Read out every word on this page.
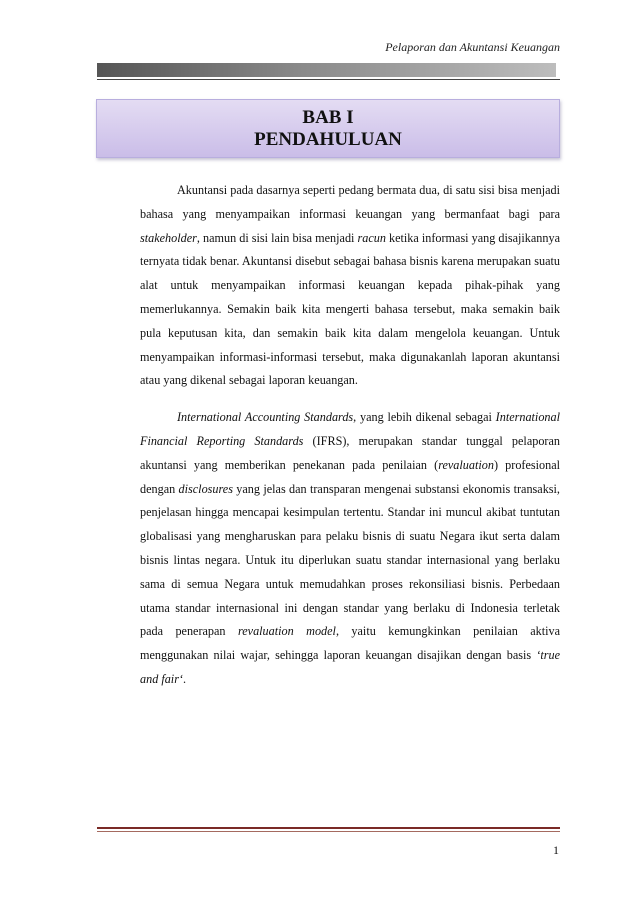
Pelaporan dan Akuntansi Keuangan
BAB I
PENDAHULUAN

Akuntansi pada dasarnya seperti pedang bermata dua, di satu sisi bisa menjadi bahasa yang menyampaikan informasi keuangan yang bermanfaat bagi para stakeholder, namun di sisi lain bisa menjadi racun ketika informasi yang disajikannya ternyata tidak benar. Akuntansi disebut sebagai bahasa bisnis karena merupakan suatu alat untuk menyampaikan informasi keuangan kepada pihak-pihak yang memerlukannya. Semakin baik kita mengerti bahasa tersebut, maka semakin baik pula keputusan kita, dan semakin baik kita dalam mengelola keuangan. Untuk menyampaikan informasi-informasi tersebut, maka digunakanlah laporan akuntansi atau yang dikenal sebagai laporan keuangan.

International Accounting Standards, yang lebih dikenal sebagai International Financial Reporting Standards (IFRS), merupakan standar tunggal pelaporan akuntansi yang memberikan penekanan pada penilaian (revaluation) profesional dengan disclosures yang jelas dan transparan mengenai substansi ekonomis transaksi, penjelasan hingga mencapai kesimpulan tertentu. Standar ini muncul akibat tuntutan globalisasi yang mengharuskan para pelaku bisnis di suatu Negara ikut serta dalam bisnis lintas negara. Untuk itu diperlukan suatu standar internasional yang berlaku sama di semua Negara untuk memudahkan proses rekonsiliasi bisnis. Perbedaan utama standar internasional ini dengan standar yang berlaku di Indonesia terletak pada penerapan revaluation model, yaitu kemungkinkan penilaian aktiva menggunakan nilai wajar, sehingga laporan keuangan disajikan dengan basis ‘true and fair‘.

1
